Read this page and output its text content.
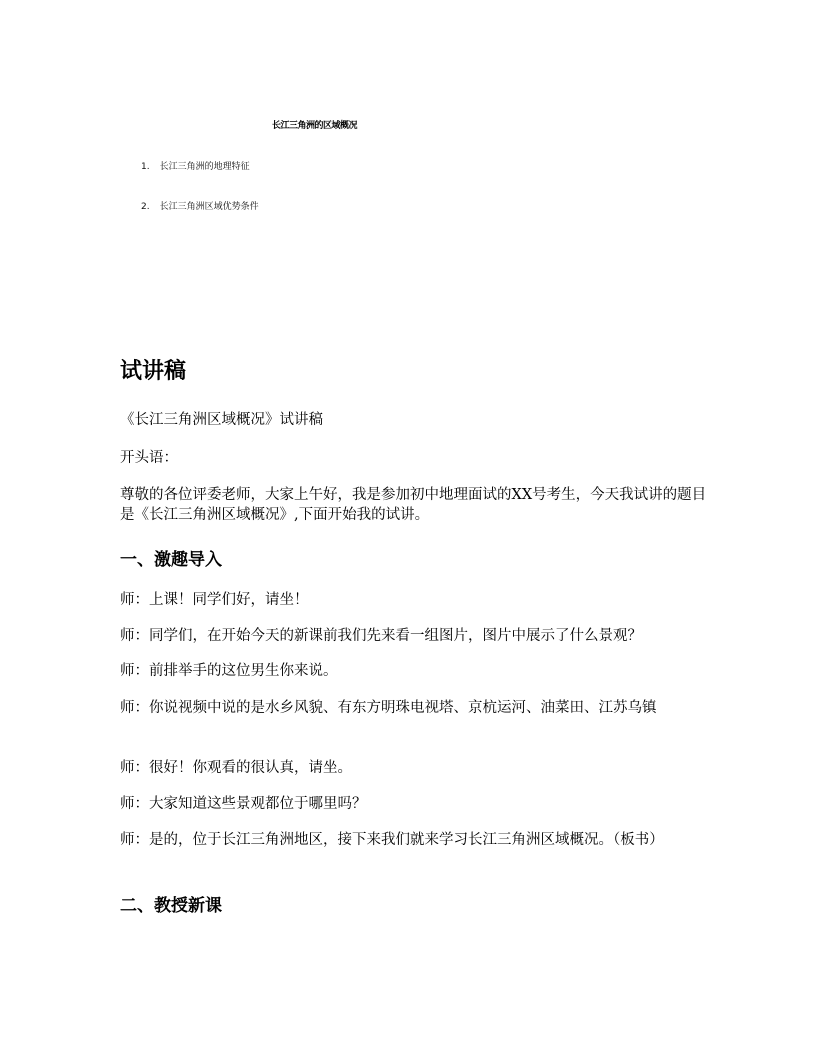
长江三角洲的区域概况
1. 长江三角洲的地理特征
2. 长江三角洲区域优势条件
试讲稿

《长江三角洲区域概况》试讲稿

开头语：

尊敬的各位评委老师，大家上午好，我是参加初中地理面试的XX号考生，今天我试讲的题目是《长江三角洲区域概况》,下面开始我的试讲。

一、激趣导入

师：上课！同学们好，请坐！

师：同学们，在开始今天的新课前我们先来看一组图片，图片中展示了什么景观？

师：前排举手的这位男生你来说。

师：你说视频中说的是水乡风貌、有东方明珠电视塔、京杭运河、油菜田、江苏乌镇

师：很好！你观看的很认真，请坐。

师：大家知道这些景观都位于哪里吗？

师：是的，位于长江三角洲地区，接下来我们就来学习长江三角洲区域概况。（板书）

二、教授新课
